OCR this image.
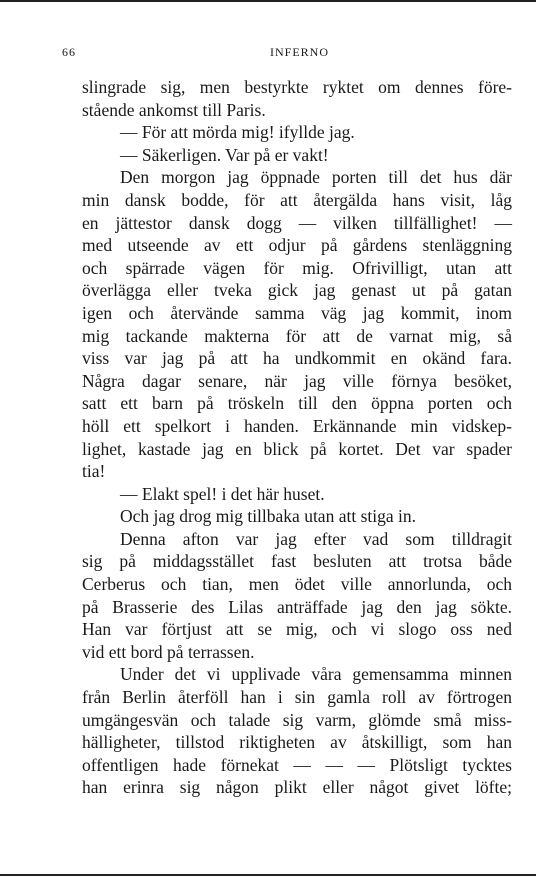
66	INFERNO
slingrade sig, men bestyrkte ryktet om dennes före-
stående ankomst till Paris.
— För att mörda mig! ifyllde jag.
— Säkerligen. Var på er vakt!
Den morgon jag öppnade porten till det hus där
min dansk bodde, för att återgälda hans visit, låg
en jättestor dansk dogg — vilken tillfällighet! —
med utseende av ett odjur på gårdens stenläggning
och spärrade vägen för mig. Ofrivilligt, utan att
överlägga eller tveka gick jag genast ut på gatan
igen och återvände samma väg jag kommit, inom
mig tackande makterna för att de varnat mig, så
viss var jag på att ha undkommit en okänd fara.
Några dagar senare, när jag ville förnya besöket,
satt ett barn på tröskeln till den öppna porten och
höll ett spelkort i handen. Erkännande min vidskep-
lighet, kastade jag en blick på kortet. Det var spader
tia!
— Elakt spel! i det här huset.
Och jag drog mig tillbaka utan att stiga in.
Denna afton var jag efter vad som tilldragit
sig på middagsstället fast besluten att trotsa både
Cerberus och tian, men ödet ville annorlunda, och
på Brasserie des Lilas anträffade jag den jag sökte.
Han var förtjust att se mig, och vi slogo oss ned
vid ett bord på terrassen.
Under det vi upplivade våra gemensamma minnen
från Berlin återföll han i sin gamla roll av förtrogen
umgängesvän och talade sig varm, glömde små miss-
hälligheter, tillstod riktigheten av åtskilligt, som han
offentligen hade förnekat — — — Plötsligt tycktes
han erinra sig någon plikt eller något givet löfte;
